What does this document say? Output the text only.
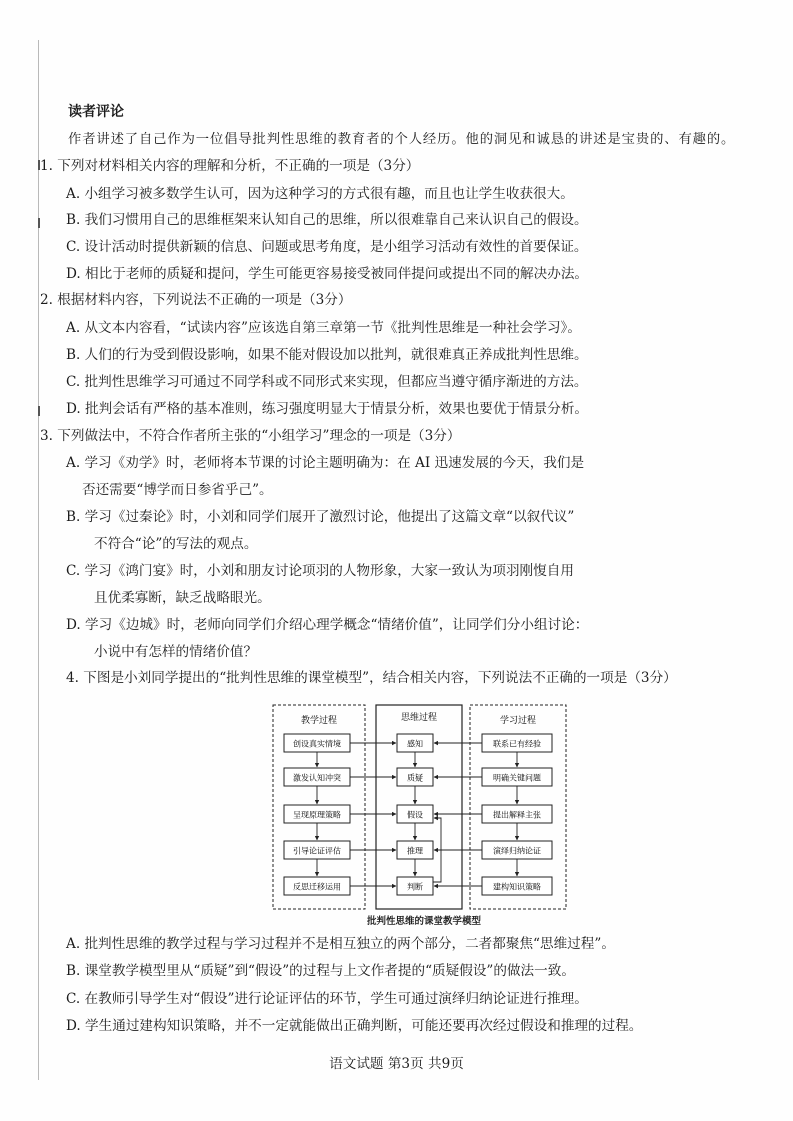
读者评论
作者讲述了自己作为一位倡导批判性思维的教育者的个人经历。他的洞见和诚恳的讲述是宝贵的、有趣的。
1. 下列对材料相关内容的理解和分析，不正确的一项是（3分）
A. 小组学习被多数学生认可，因为这种学习的方式很有趣，而且也让学生收获很大。
B. 我们习惯用自己的思维框架来认知自己的思维，所以很难靠自己来认识自己的假设。
C. 设计活动时提供新颖的信息、问题或思考角度，是小组学习活动有效性的首要保证。
D. 相比于老师的质疑和提问，学生可能更容易接受被同伴提问或提出不同的解决办法。
2. 根据材料内容，下列说法不正确的一项是（3分）
A. 从文本内容看，“试读内容”应该选自第三章第一节《批判性思维是一种社会学习》。
B. 人们的行为受到假设影响，如果不能对假设加以批判，就很难真正养成批判性思维。
C. 批判性思维学习可通过不同学科或不同形式来实现，但都应当遵守循序渐进的方法。
D. 批判会话有严格的基本准则，练习强度明显大于情景分析，效果也要优于情景分析。
3. 下列做法中，不符合作者所主张的“小组学习”理念的一项是（3分）
A. 学习《劝学》时，老师将本节课的讨论主题明确为：在 AI 迅速发展的今天，我们是
否还需要“博学而日参省乎己”。
B. 学习《过秦论》时，小刘和同学们展开了激烈讨论，他提出了这篇文章“以叙代议”
不符合“论”的写法的观点。
C. 学习《鸿门宴》时，小刘和朋友讨论项羽的人物形象，大家一致认为项羽刚愎自用
且优柔寡断，缺乏战略眼光。
D. 学习《边城》时，老师向同学们介绍心理学概念“情绪价值”，让同学们分小组讨论：
小说中有怎样的情绪价值？
4. 下图是小刘同学提出的“批判性思维的课堂模型”，结合相关内容，下列说法不正确的一项是（3分）
教学过程	思维过程	学习过程
创设真实情境
激发认知冲突
呈现原理策略
引导论证评估
反思迁移运用
感知
质疑
假设
推理
判断
联系已有经验
明确关键问题
提出解释主张
演绎归纳论证
建构知识策略
批判性思维的课堂教学模型
A. 批判性思维的教学过程与学习过程并不是相互独立的两个部分，二者都聚焦“思维过程”。
B. 课堂教学模型里从“质疑”到“假设”的过程与上文作者提的“质疑假设”的做法一致。
C. 在教师引导学生对“假设”进行论证评估的环节，学生可通过演绎归纳论证进行推理。
D. 学生通过建构知识策略，并不一定就能做出正确判断，可能还要再次经过假设和推理的过程。
语文试题 第3页 共9页
